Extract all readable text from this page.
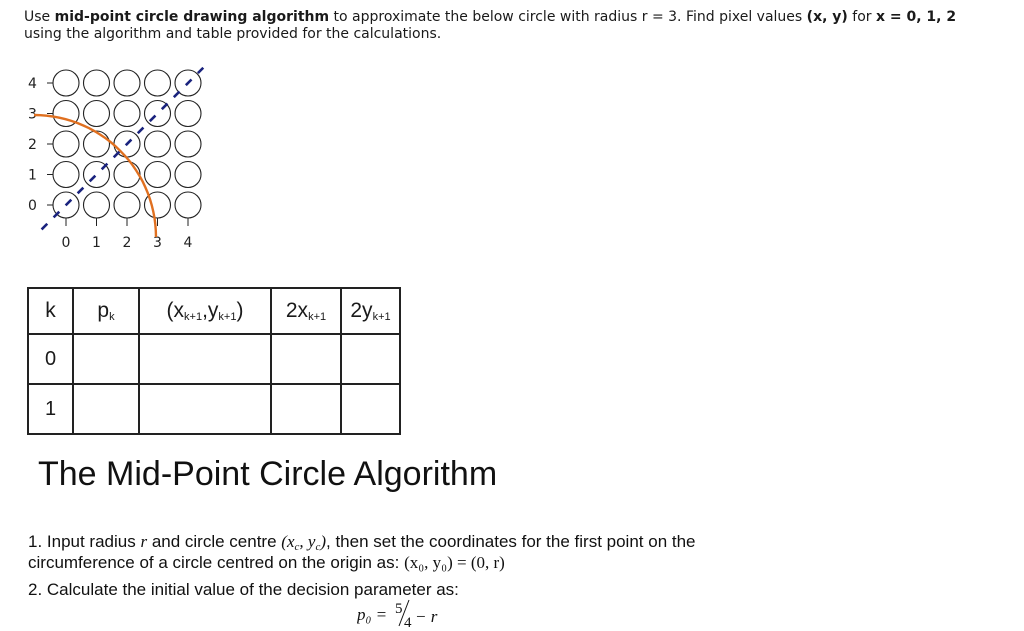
Use mid-point circle drawing algorithm to approximate the below circle with radius r = 3. Find pixel values (x, y) for x = 0, 1, 2
using the algorithm and table provided for the calculations.
4
3
2
1
0
0 1 2 3 4
k	$p_k$	$(x_{k+1},y_{k+1})$	$2x_{k+1}$	$2y_{k+1}$
0				
1				
The Mid-Point Circle Algorithm
1. Input radius r and circle centre ($x_c$, $y_c$), then set the coordinates for the first point on the
circumference of a circle centred on the origin as: (x₀, y₀) = (0, r)
2. Calculate the initial value of the decision parameter as:
p₀ = 5
4 − r
